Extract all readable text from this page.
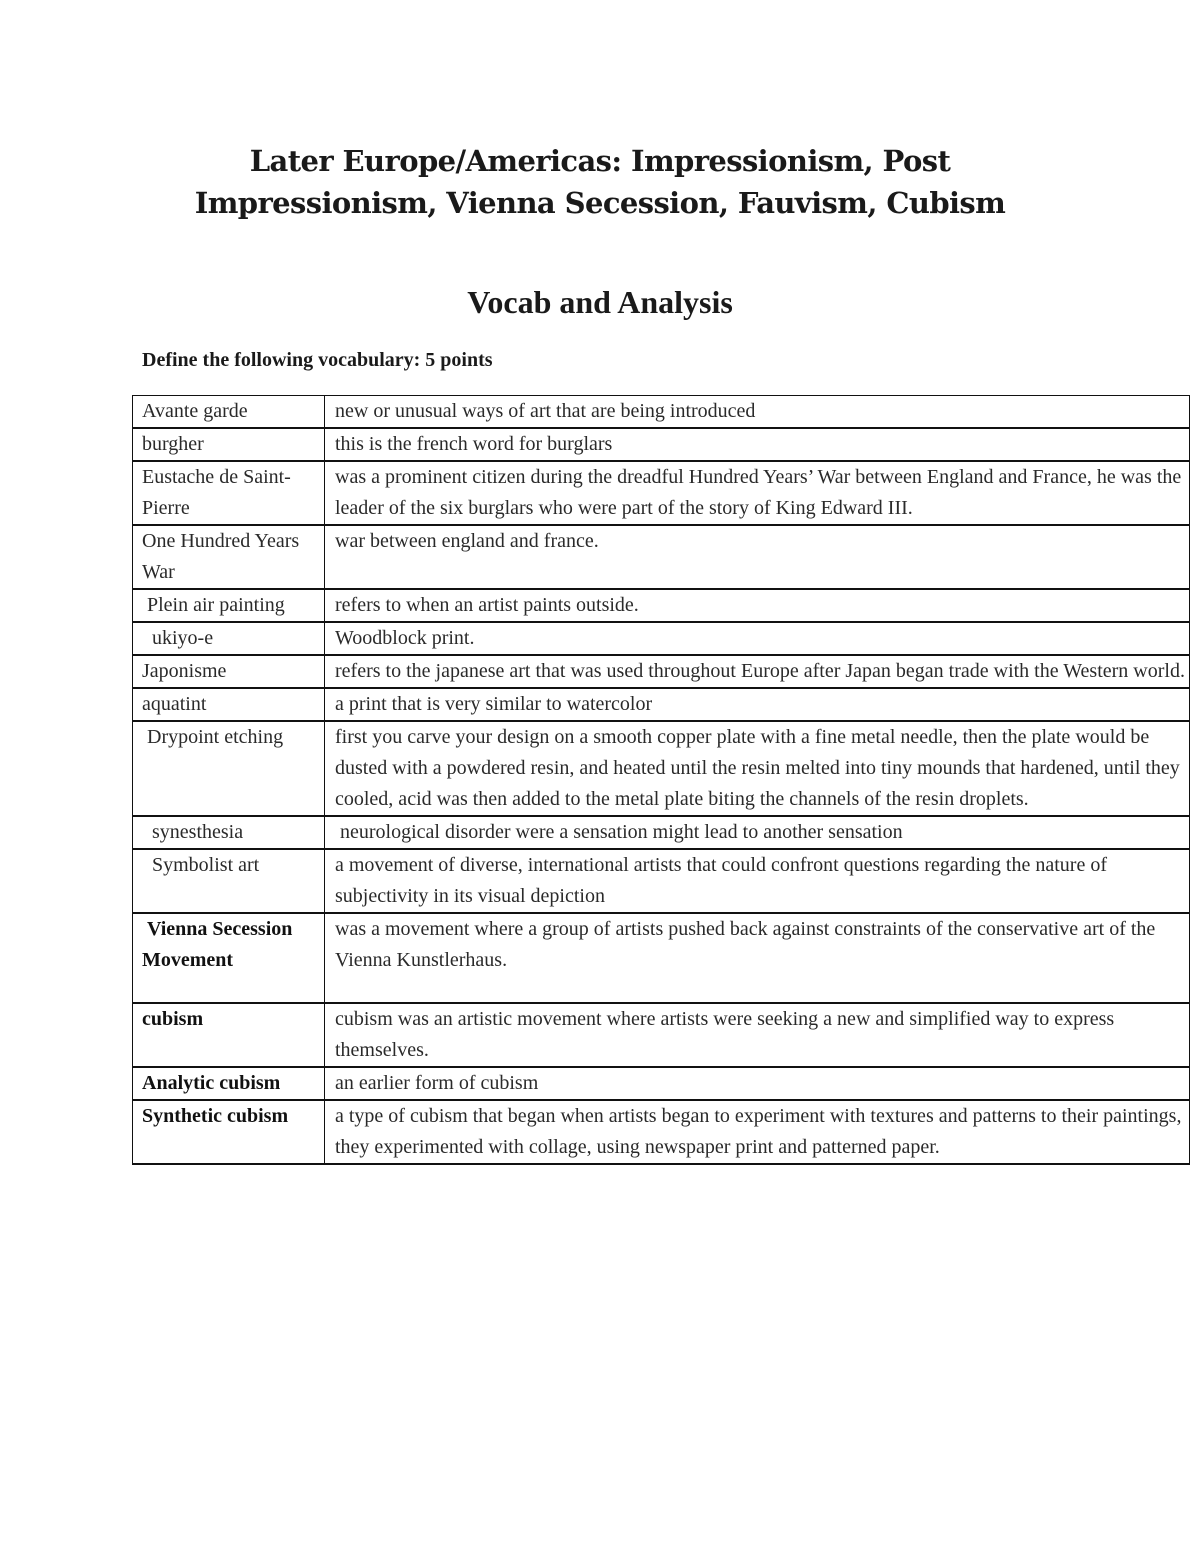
Later Europe/Americas: Impressionism, Post
Impressionism, Vienna Secession, Fauvism, Cubism
Vocab and Analysis
Define the following vocabulary: 5 points
Avante garde	new or unusual ways of art that are being introduced
burgher	this is the french word for burglars
Eustache de Saint-Pierre	was a prominent citizen during the dreadful Hundred Years’ War between England and France, he was the leader of the six burglars who were part of the story of King Edward III.
One Hundred Years War	war between england and france.
Plein air painting	refers to when an artist paints outside.
ukiyo-e	Woodblock print.
Japonisme	refers to the japanese art that was used throughout Europe after Japan began trade with the Western world.
aquatint	a print that is very similar to watercolor
Drypoint etching	first you carve your design on a smooth copper plate with a fine metal needle, then the plate would be dusted with a powdered resin, and heated until the resin melted into tiny mounds that hardened, until they cooled, acid was then added to the metal plate biting the channels of the resin droplets.
synesthesia	neurological disorder were a sensation might lead to another sensation
Symbolist art	a movement of diverse, international artists that could confront questions regarding the nature of subjectivity in its visual depiction
Vienna Secession Movement	was a movement where a group of artists pushed back against constraints of the conservative art of the Vienna Kunstlerhaus.
cubism	cubism was an artistic movement where artists were seeking a new and simplified way to express themselves.
Analytic cubism	an earlier form of cubism
Synthetic cubism	a type of cubism that began when artists began to experiment with textures and patterns to their paintings, they experimented with collage, using newspaper print and patterned paper.
